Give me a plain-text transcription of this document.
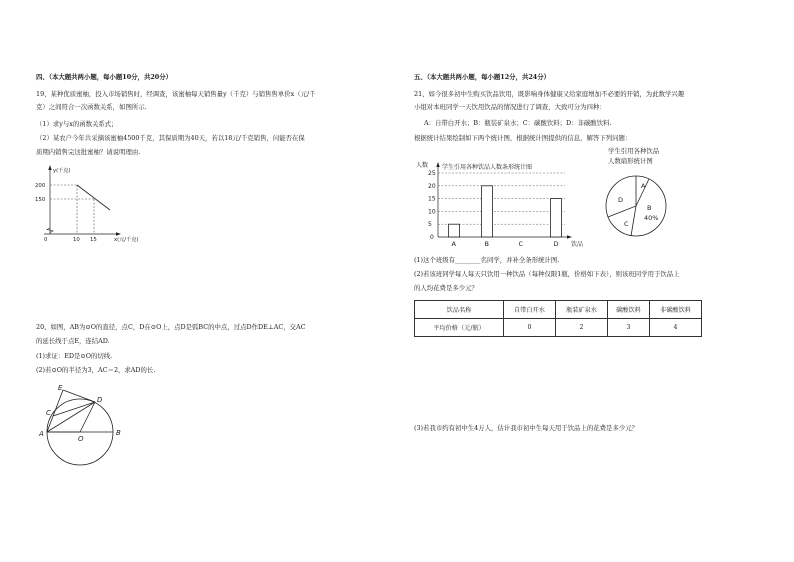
四、（本大题共两小题，每小题10分，共20分）
19、某种优质蜜柚，投入市场销售时，经调查，该蜜柚每天销售量y（千克）与销售售单价x（元/千
克）之间符合一次函数关系，如图所示.
（1）求y与x的函数关系式；
（2）某农户今年共采摘该蜜柚4500千克，其保质期为40天，若以18元/千克销售，问能否在保
质期内销售完这批蜜柚？请说明理由.
y(千克)
200
150
0	10 15	x(元/千克)
20、如图，AB为⊙O的直径，点C，D在⊙O上，点D是弧BC的中点，过点D作DE⊥AC，交AC
的延长线于点E，连结AD.
(1)求证：ED是⊙O的切线.
(2)若⊙O的半径为3，AC＝2，求AD的长.
E
D
C
A
O
B
五、（本大题共两小题，每小题12分，共24分）
21、如今很多初中生购买饮品饮用，既影响身体健康又给家庭增加不必要的开销，为此数学兴趣
小组对本班同学一天饮用饮品的情况进行了调查，大致可分为四种：
A：自带白开水；B：瓶装矿泉水；C：碳酸饮料；D：非碳酸饮料.
根据统计结果绘制如下两个统计图，根据统计图提供的信息，解答下列问题：
学生引用各种饮品人数条形统计图
人数
饮品
5
10
15
20
25
0
A	B	C	D
学生引用各种饮品
人数扇形统计图
A
B
40%
C
D
(1)这个班级有________名同学，并补全条形统计图.
(2)若该班同学每人每天只饮用一种饮品（每种仅限1瓶，价格如下表），则该班同学用于饮品上
的人均花费是多少元？
饮品名称	自带白开水	瓶装矿泉水	碳酸饮料	非碳酸饮料
平均价格（元/瓶）	0	2	3	4
(3)若我市约有初中生4万人，估计我市初中生每天用于饮品上的花费是多少元？
